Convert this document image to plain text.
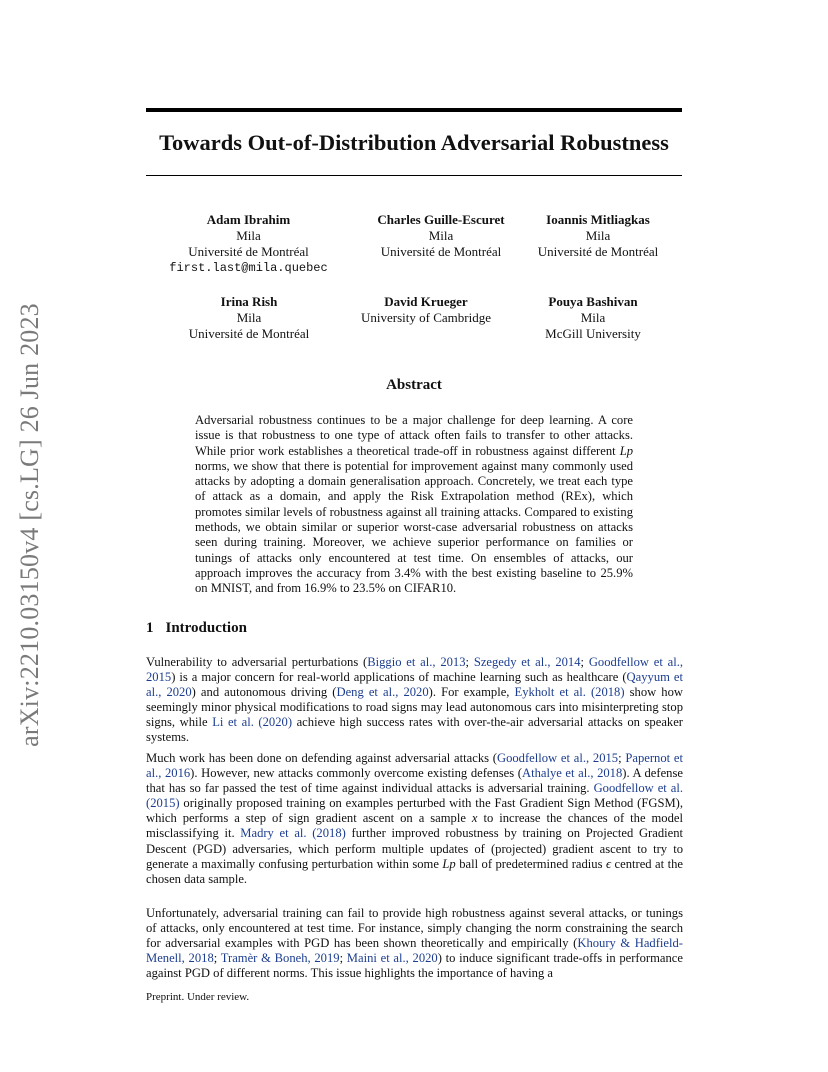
arXiv:2210.03150v4 [cs.LG] 26 Jun 2023
Towards Out-of-Distribution Adversarial Robustness
Adam Ibrahim
Mila
Université de Montréal
first.last@mila.quebec
Charles Guille-Escuret
Mila
Université de Montréal
Ioannis Mitliagkas
Mila
Université de Montréal
Irina Rish
Mila
Université de Montréal
David Krueger
University of Cambridge
Pouya Bashivan
Mila
McGill University
Abstract

Adversarial robustness continues to be a major challenge for deep learning. A core issue is that robustness to one type of attack often fails to transfer to other attacks. While prior work establishes a theoretical trade-off in robustness against different Lp norms, we show that there is potential for improvement against many commonly used attacks by adopting a domain generalisation approach. Concretely, we treat each type of attack as a domain, and apply the Risk Extrapolation method (REx), which promotes similar levels of robustness against all training attacks. Compared to existing methods, we obtain similar or superior worst-case adversarial robustness on attacks seen during training. Moreover, we achieve superior performance on families or tunings of attacks only encountered at test time. On ensembles of attacks, our approach improves the accuracy from 3.4% with the best existing baseline to 25.9% on MNIST, and from 16.9% to 23.5% on CIFAR10.

1 Introduction

Vulnerability to adversarial perturbations (Biggio et al., 2013; Szegedy et al., 2014; Goodfellow et al., 2015) is a major concern for real-world applications of machine learning such as healthcare (Qayyum et al., 2020) and autonomous driving (Deng et al., 2020). For example, Eykholt et al. (2018) show how seemingly minor physical modifications to road signs may lead autonomous cars into misinterpreting stop signs, while Li et al. (2020) achieve high success rates with over-the-air adversarial attacks on speaker systems.

Much work has been done on defending against adversarial attacks (Goodfellow et al., 2015; Papernot et al., 2016). However, new attacks commonly overcome existing defenses (Athalye et al., 2018). A defense that has so far passed the test of time against individual attacks is adversarial training. Goodfellow et al. (2015) originally proposed training on examples perturbed with the Fast Gradient Sign Method (FGSM), which performs a step of sign gradient ascent on a sample x to increase the chances of the model misclassifying it. Madry et al. (2018) further improved robustness by training on Projected Gradient Descent (PGD) adversaries, which perform multiple updates of (projected) gradient ascent to try to generate a maximally confusing perturbation within some Lp ball of predetermined radius ϵ centred at the chosen data sample.

Unfortunately, adversarial training can fail to provide high robustness against several attacks, or tunings of attacks, only encountered at test time. For instance, simply changing the norm constraining the search for adversarial examples with PGD has been shown theoretically and empirically (Khoury & Hadfield-Menell, 2018; Tramèr & Boneh, 2019; Maini et al., 2020) to induce significant trade-offs in performance against PGD of different norms. This issue highlights the importance of having a

Preprint. Under review.
